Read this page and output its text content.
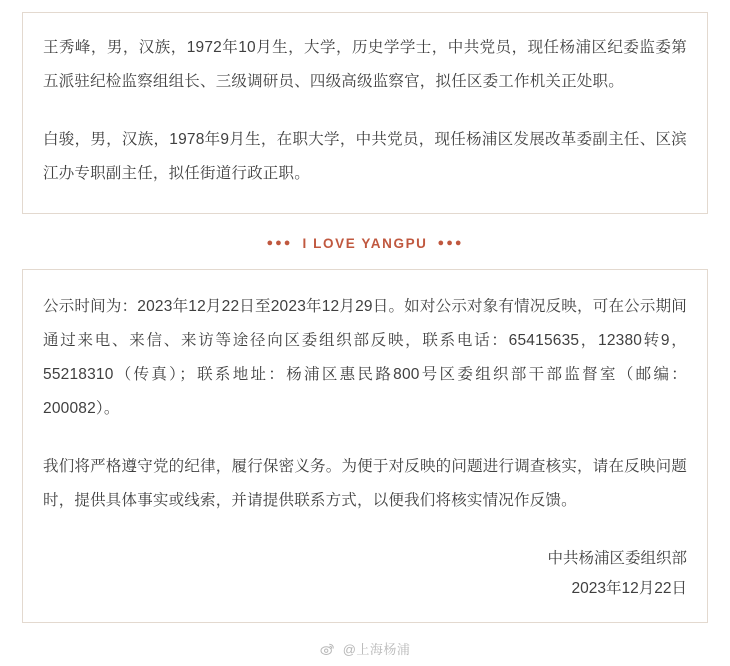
王秀峰，男，汉族，1972年10月生，大学，历史学学士，中共党员，现任杨浦区纪委监委第五派驻纪检监察组组长、三级调研员、四级高级监察官，拟任区委工作机关正处职。

白骏，男，汉族，1978年9月生，在职大学，中共党员，现任杨浦区发展改革委副主任、区滨江办专职副主任，拟任街道行政正职。

●●● I LOVE YANGPU ●●●

公示时间为：2023年12月22日至2023年12月29日。如对公示对象有情况反映，可在公示期间通过来电、来信、来访等途径向区委组织部反映，联系电话：65415635，12380转9，55218310（传真）；联系地址：杨浦区惠民路800号区委组织部干部监督室（邮编：200082）。

我们将严格遵守党的纪律，履行保密义务。为便于对反映的问题进行调查核实，请在反映问题时，提供具体事实或线索，并请提供联系方式，以便我们将核实情况作反馈。

中共杨浦区委组织部
2023年12月22日
@上海杨浦
